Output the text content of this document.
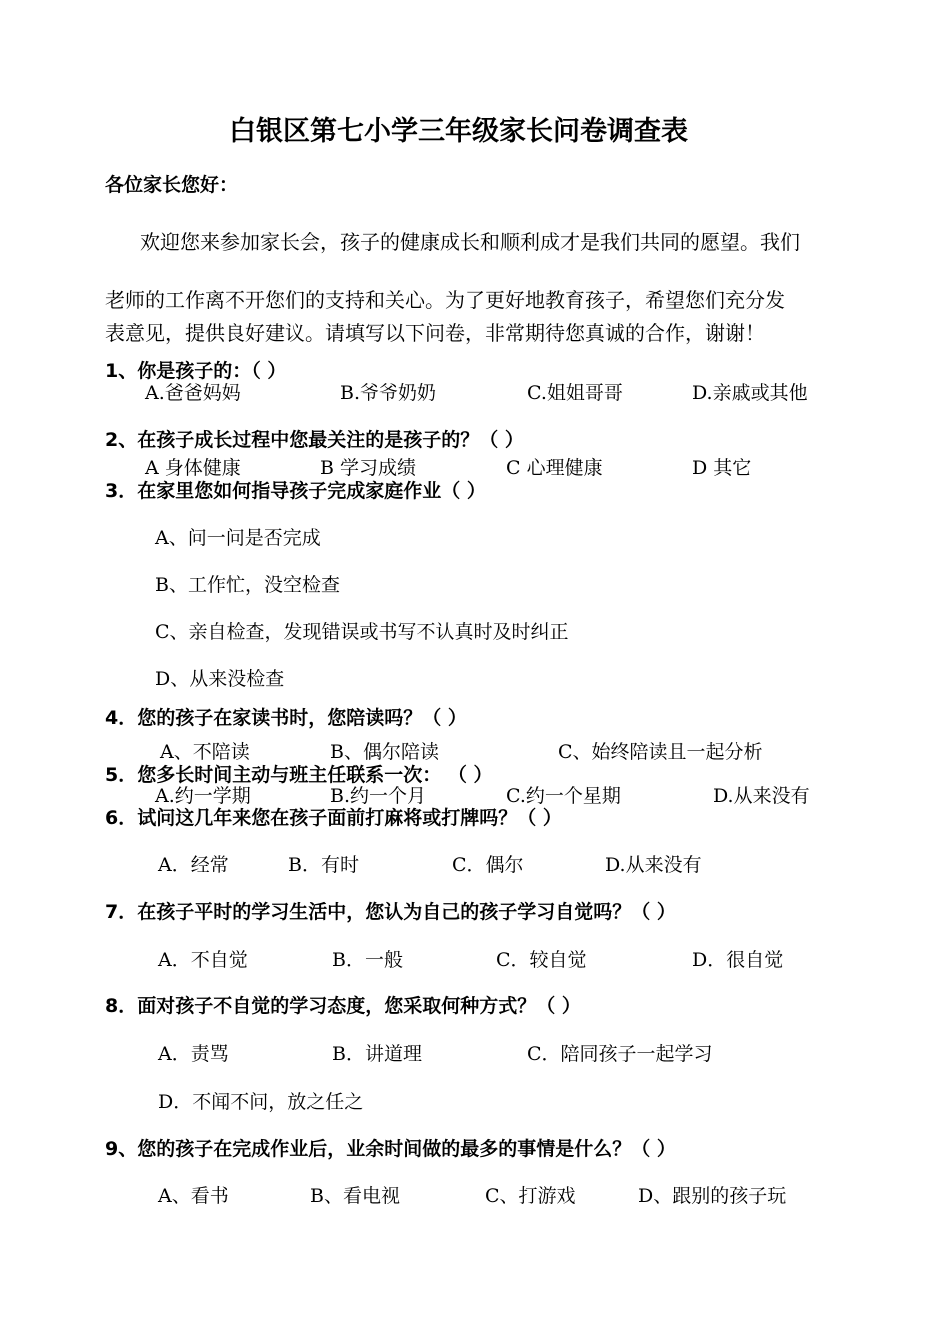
白银区第七小学三年级家长问卷调查表
各位家长您好：
欢迎您来参加家长会，孩子的健康成长和顺利成才是我们共同的愿望。我们
老师的工作离不开您们的支持和关心。为了更好地教育孩子，希望您们充分发
表意见，提供良好建议。请填写以下问卷，非常期待您真诚的合作，谢谢！
1、你是孩子的：（ ）
A.爸爸妈妈	B.爷爷奶奶	C.姐姐哥哥	D.亲戚或其他
2、在孩子成长过程中您最关注的是孩子的？（ ）
A 身体健康	B 学习成绩	C 心理健康	D 其它
3．在家里您如何指导孩子完成家庭作业（ ）
A、问一问是否完成
B、工作忙，没空检查
C、亲自检查，发现错误或书写不认真时及时纠正
D、从来没检查
4．您的孩子在家读书时，您陪读吗？（ ）
A、不陪读	B、偶尔陪读	C、始终陪读且一起分析
5．您多长时间主动与班主任联系一次： （ ）
A.约一学期	B.约一个月	C.约一个星期	D.从来没有
6．试问这几年来您在孩子面前打麻将或打牌吗？（ ）
A．经常	B．有时	C．偶尔	D.从来没有
7．在孩子平时的学习生活中，您认为自己的孩子学习自觉吗？（ ）
A．不自觉	B．一般	C．较自觉	D．很自觉
8．面对孩子不自觉的学习态度，您采取何种方式？（ ）
A．责骂	B．讲道理	C．陪同孩子一起学习
D．不闻不问，放之任之
9、您的孩子在完成作业后，业余时间做的最多的事情是什么？（ ）
A、看书	B、看电视	C、打游戏	D、跟别的孩子玩
